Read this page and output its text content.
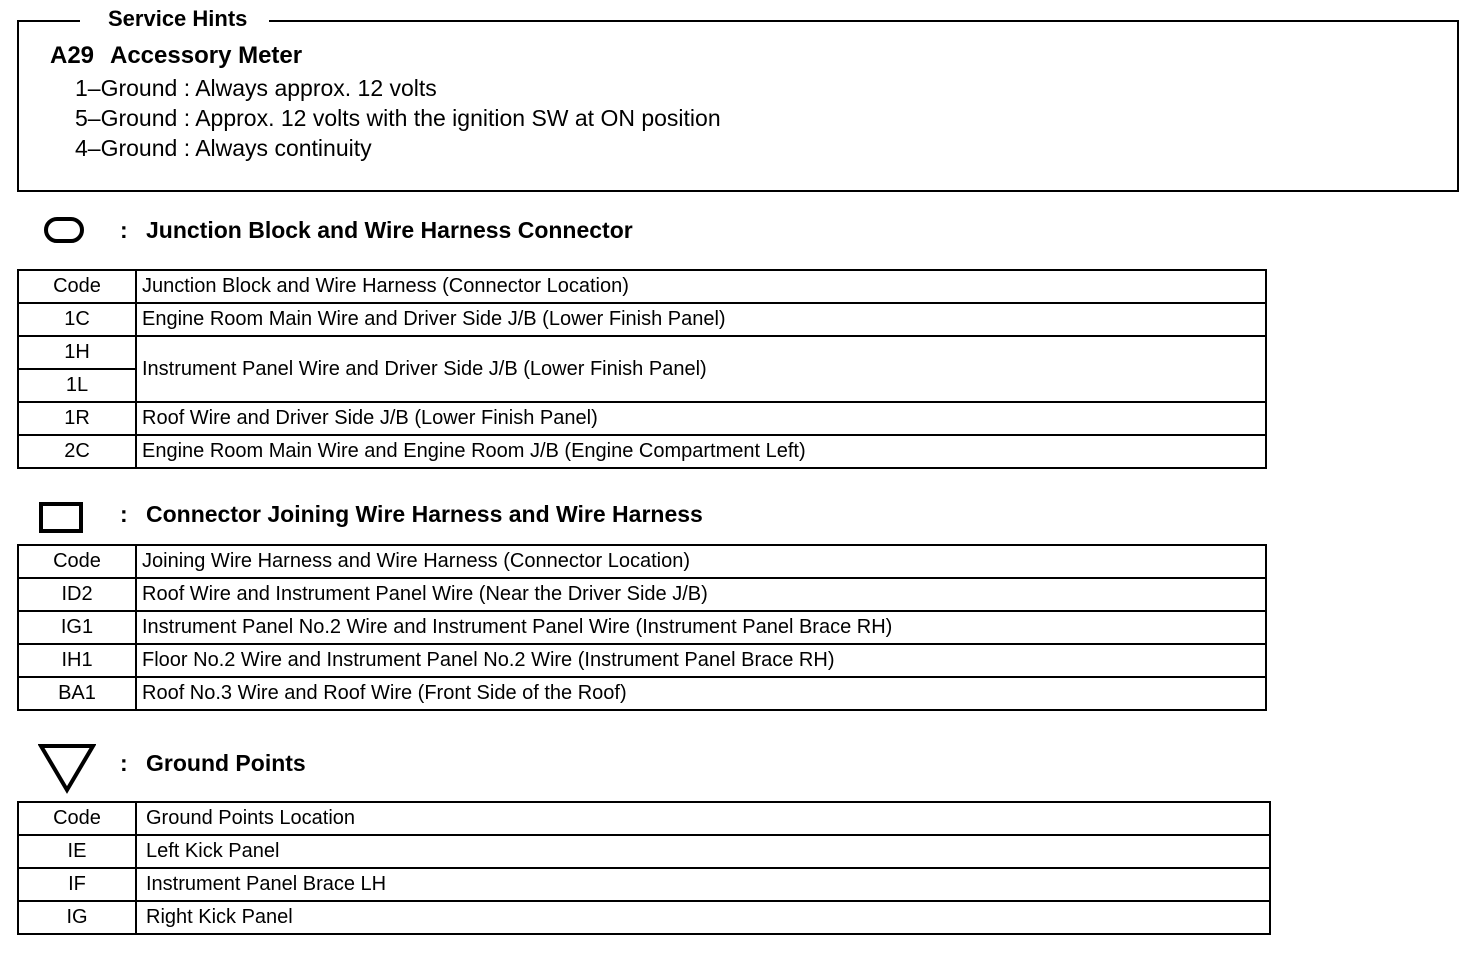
Service Hints
A29 Accessory Meter
1–Ground : Always approx. 12 volts
5–Ground : Approx. 12 volts with the ignition SW at ON position
4–Ground : Always continuity
: Junction Block and Wire Harness Connector
Code	Junction Block and Wire Harness (Connector Location)
1C	Engine Room Main Wire and Driver Side J/B (Lower Finish Panel)
1H	Instrument Panel Wire and Driver Side J/B (Lower Finish Panel)
1L	
1R	Roof Wire and Driver Side J/B (Lower Finish Panel)
2C	Engine Room Main Wire and Engine Room J/B (Engine Compartment Left)
: Connector Joining Wire Harness and Wire Harness
Code	Joining Wire Harness and Wire Harness (Connector Location)
ID2	Roof Wire and Instrument Panel Wire (Near the Driver Side J/B)
IG1	Instrument Panel No.2 Wire and Instrument Panel Wire (Instrument Panel Brace RH)
IH1	Floor No.2 Wire and Instrument Panel No.2 Wire (Instrument Panel Brace RH)
BA1	Roof No.3 Wire and Roof Wire (Front Side of the Roof)
: Ground Points
Code	Ground Points Location
IE	Left Kick Panel
IF	Instrument Panel Brace LH
IG	Right Kick Panel
